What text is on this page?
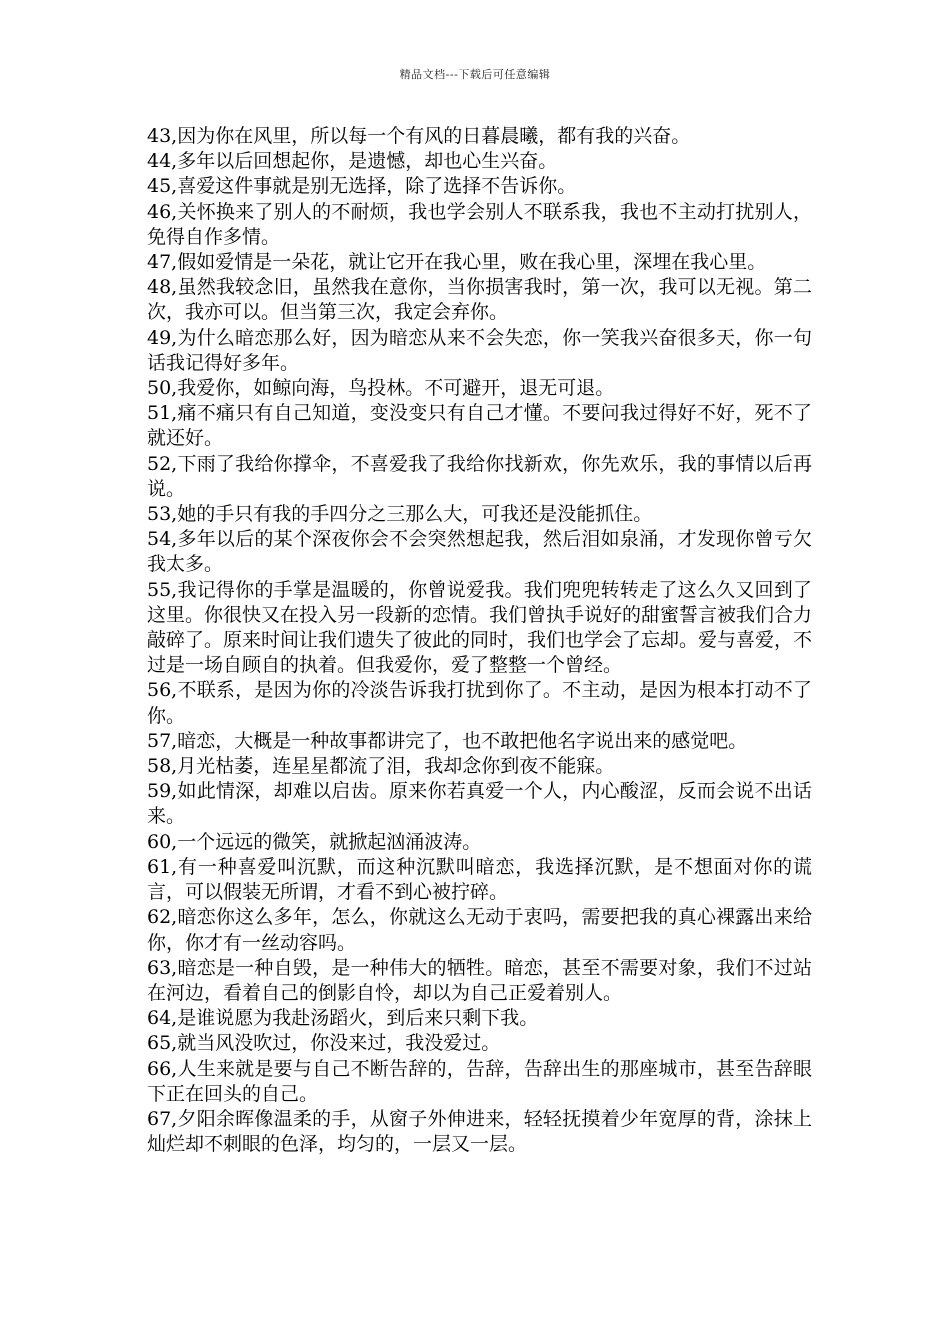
精品文档---下载后可任意编辑

43,因为你在风里，所以每一个有风的日暮晨曦，都有我的兴奋。

44,多年以后回想起你，是遗憾，却也心生兴奋。

45,喜爱这件事就是别无选择，除了选择不告诉你。

46,关怀换来了别人的不耐烦，我也学会别人不联系我，我也不主动打扰别人，免得自作多情。

47,假如爱情是一朵花，就让它开在我心里，败在我心里，深埋在我心里。

48,虽然我较念旧，虽然我在意你，当你损害我时，第一次，我可以无视。第二次，我亦可以。但当第三次，我定会弃你。

49,为什么暗恋那么好，因为暗恋从来不会失恋，你一笑我兴奋很多天，你一句话我记得好多年。

50,我爱你，如鲸向海，鸟投林。不可避开，退无可退。

51,痛不痛只有自己知道，变没变只有自己才懂。不要问我过得好不好，死不了就还好。

52,下雨了我给你撑伞，不喜爱我了我给你找新欢，你先欢乐，我的事情以后再说。

53,她的手只有我的手四分之三那么大，可我还是没能抓住。

54,多年以后的某个深夜你会不会突然想起我，然后泪如泉涌，才发现你曾亏欠我太多。

55,我记得你的手掌是温暖的，你曾说爱我。我们兜兜转转走了这么久又回到了这里。你很快又在投入另一段新的恋情。我们曾执手说好的甜蜜誓言被我们合力敲碎了。原来时间让我们遗失了彼此的同时，我们也学会了忘却。爱与喜爱，不过是一场自顾自的执着。但我爱你，爱了整整一个曾经。

56,不联系，是因为你的冷淡告诉我打扰到你了。不主动，是因为根本打动不了你。

57,暗恋，大概是一种故事都讲完了，也不敢把他名字说出来的感觉吧。

58,月光枯萎，连星星都流了泪，我却念你到夜不能寐。

59,如此情深，却难以启齿。原来你若真爱一个人，内心酸涩，反而会说不出话来。

60,一个远远的微笑，就掀起汹涌波涛。

61,有一种喜爱叫沉默，而这种沉默叫暗恋，我选择沉默，是不想面对你的谎言，可以假装无所谓，才看不到心被拧碎。

62,暗恋你这么多年，怎么，你就这么无动于衷吗，需要把我的真心裸露出来给你，你才有一丝动容吗。

63,暗恋是一种自毁，是一种伟大的牺牲。暗恋，甚至不需要对象，我们不过站在河边，看着自己的倒影自怜，却以为自己正爱着别人。

64,是谁说愿为我赴汤蹈火，到后来只剩下我。

65,就当风没吹过，你没来过，我没爱过。

66,人生来就是要与自己不断告辞的，告辞，告辞出生的那座城市，甚至告辞眼下正在回头的自己。

67,夕阳余晖像温柔的手，从窗子外伸进来，轻轻抚摸着少年宽厚的背，涂抹上灿烂却不刺眼的色泽，均匀的，一层又一层。
